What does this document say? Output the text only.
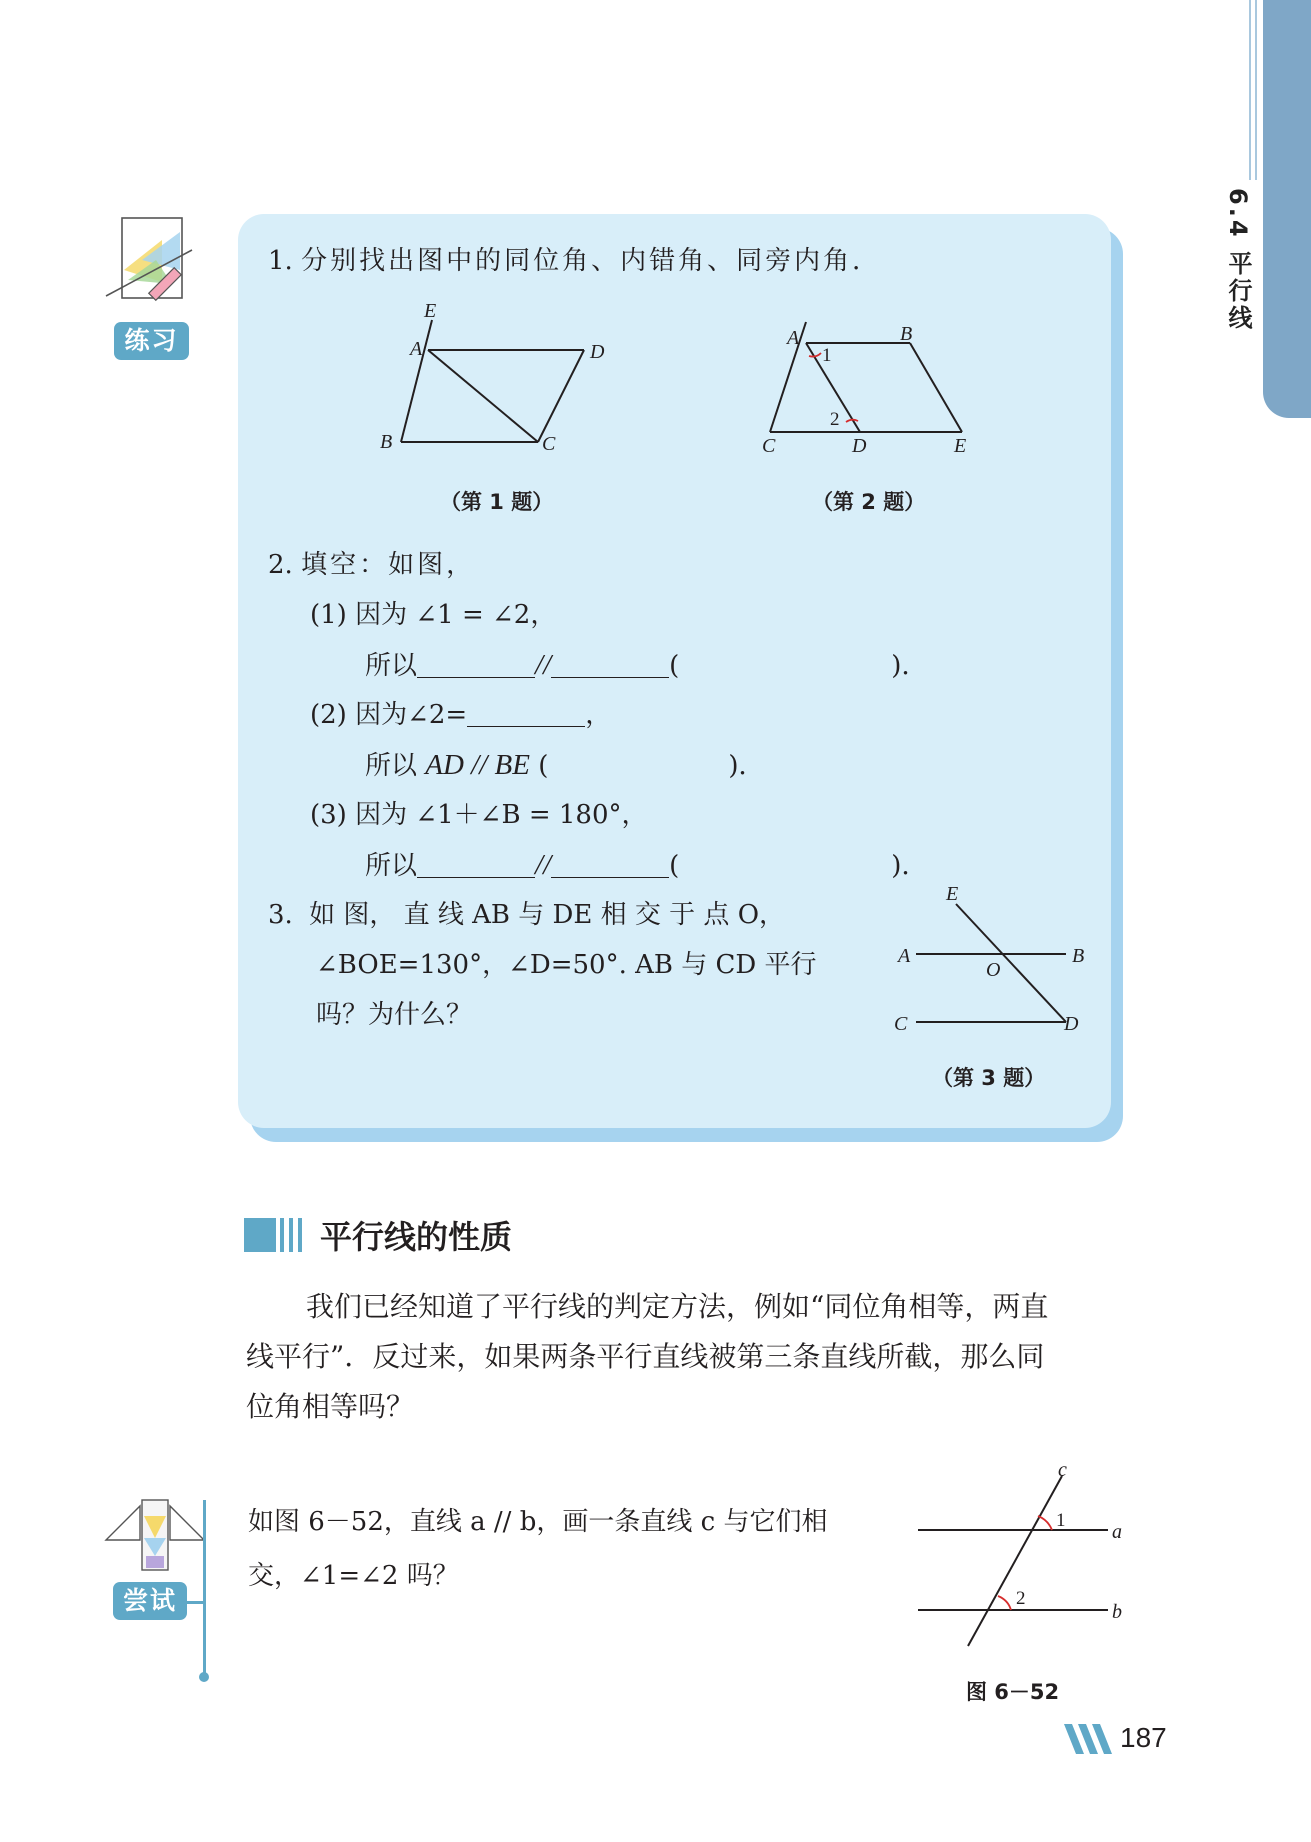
6.4 平行线
练习
1. 分别找出图中的同位角、内错角、同旁内角．
E
A	D
B	C
（第 1 题）
A	B
C	D	E
1
2
（第 2 题）
2. 填空：如图，
(1) 因为 ∠1 = ∠2，
所以	//	(	)．
(2) 因为∠2=	，
所以 AD // BE (	)．
(3) 因为 ∠1＋∠B = 180°，
所以	//	(	)．
3. 如 图， 直 线 AB 与 DE 相 交 于 点 O，
∠BOE=130°，∠D=50°. AB 与 CD 平行
吗？为什么？
E
A	B
O
C	D
（第 3 题）
平行线的性质
我们已经知道了平行线的判定方法，例如“同位角相等，两直
线平行”．反过来，如果两条平行直线被第三条直线所截，那么同
位角相等吗？
尝试
如图 6－52，直线 a // b，画一条直线 c 与它们相
交，∠1=∠2 吗？
c
a
b
1
2
图 6－52
187
